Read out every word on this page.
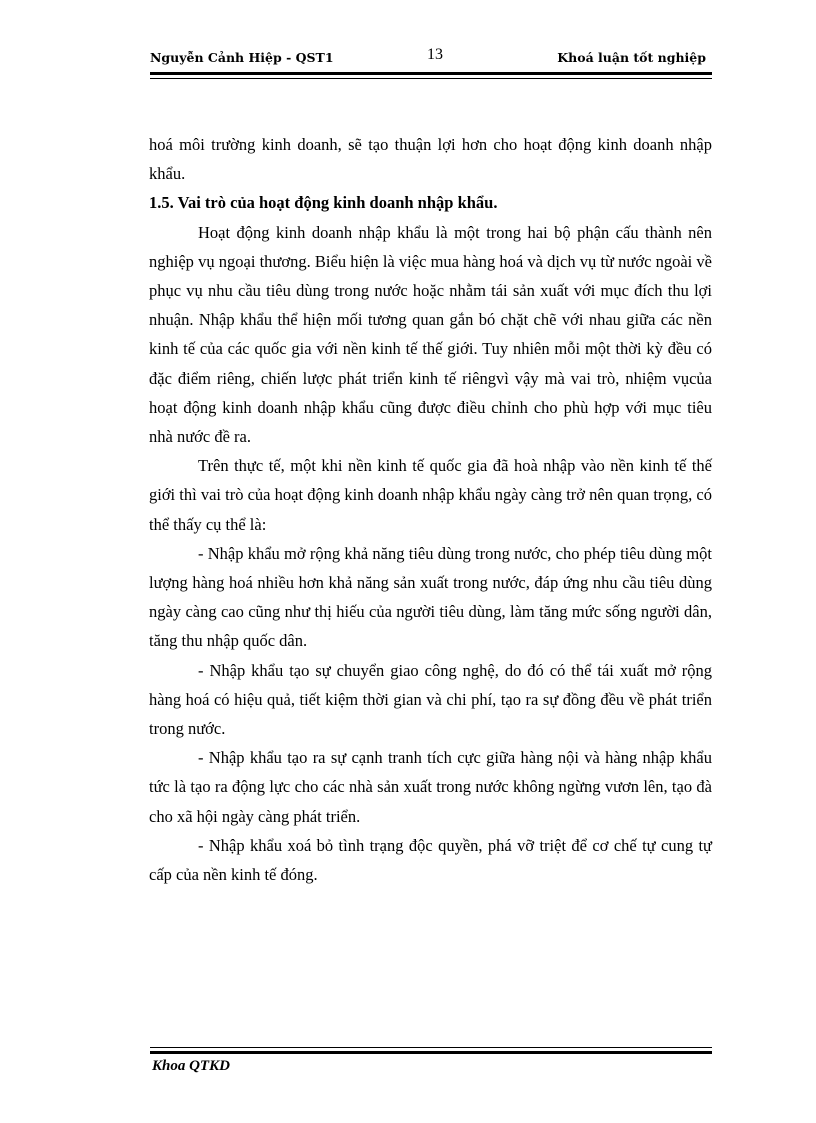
Nguyễn Cảnh Hiệp - QST1	13	Khoá luận tốt nghiệp

hoá môi trường kinh doanh, sẽ tạo thuận lợi hơn cho hoạt động kinh doanh nhập khẩu.

1.5. Vai trò của hoạt động kinh doanh nhập khẩu.

Hoạt động kinh doanh nhập khẩu là một trong hai bộ phận cấu thành nên nghiệp vụ ngoại thương. Biểu hiện là việc mua hàng hoá và dịch vụ từ nước ngoài về phục vụ nhu cầu tiêu dùng trong nước hoặc nhằm tái sản xuất với mục đích thu lợi nhuận. Nhập khẩu thể hiện mối tương quan gắn bó chặt chẽ với nhau giữa các nền kinh tế của các quốc gia với nền kinh tế thế giới. Tuy nhiên mỗi một thời kỳ đều có đặc điểm riêng, chiến lược phát triển kinh tế riêngvì vậy mà vai trò, nhiệm vụcủa hoạt động kinh doanh nhập khẩu cũng được điều chỉnh cho phù hợp với mục tiêu nhà nước đề ra.

Trên thực tế, một khi nền kinh tế quốc gia đã hoà nhập vào nền kinh tế thế giới thì vai trò của hoạt động kinh doanh nhập khẩu ngày càng trở nên quan trọng, có thể thấy cụ thể là:

- Nhập khẩu mở rộng khả năng tiêu dùng trong nước, cho phép tiêu dùng một lượng hàng hoá nhiều hơn khả năng sản xuất trong nước, đáp ứng nhu cầu tiêu dùng ngày càng cao cũng như thị hiếu của người tiêu dùng, làm tăng mức sống người dân, tăng thu nhập quốc dân.

- Nhập khẩu tạo sự chuyển giao công nghệ, do đó có thể tái xuất mở rộng hàng hoá có hiệu quả, tiết kiệm thời gian và chi phí, tạo ra sự đồng đều về phát triển trong nước.

- Nhập khẩu tạo ra sự cạnh tranh tích cực giữa hàng nội và hàng nhập khẩu tức là tạo ra động lực cho các nhà sản xuất trong nước không ngừng vươn lên, tạo đà cho xã hội ngày càng phát triển.

- Nhập khẩu xoá bỏ tình trạng độc quyền, phá vỡ triệt để cơ chế tự cung tự cấp của nền kinh tế đóng.

Khoa QTKD
